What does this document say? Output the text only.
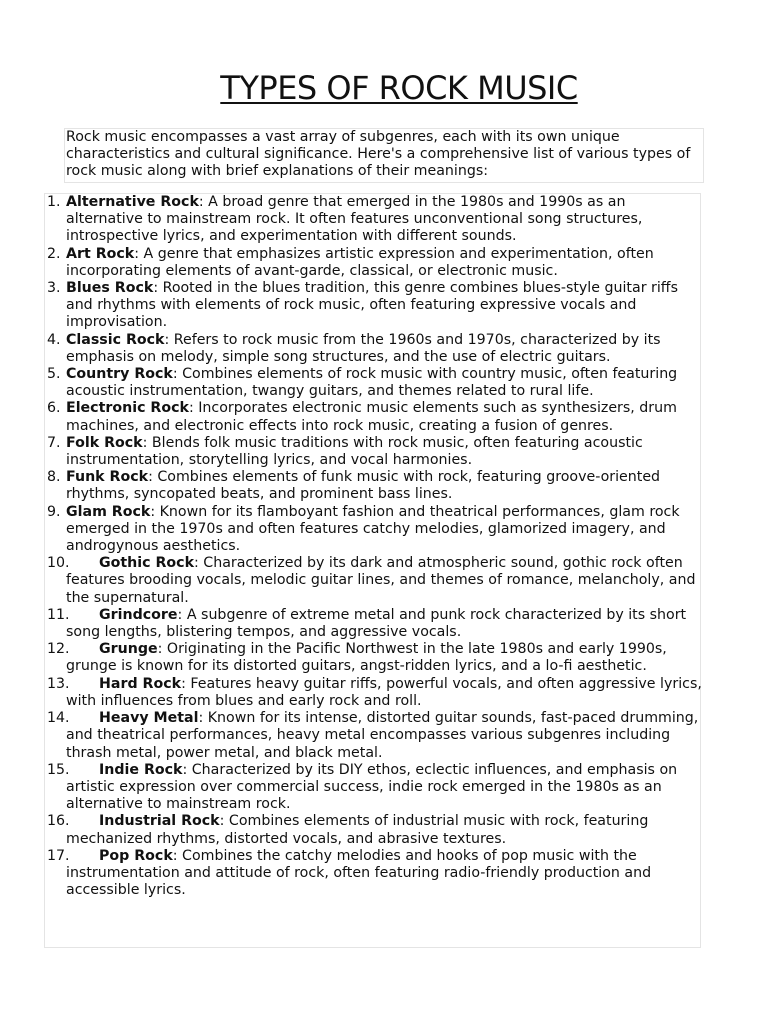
TYPES OF ROCK MUSIC
Rock music encompasses a vast array of subgenres, each with its own unique characteristics and cultural significance. Here's a comprehensive list of various types of rock music along with brief explanations of their meanings:
1. Alternative Rock: A broad genre that emerged in the 1980s and 1990s as an alternative to mainstream rock. It often features unconventional song structures, introspective lyrics, and experimentation with different sounds.
2. Art Rock: A genre that emphasizes artistic expression and experimentation, often incorporating elements of avant-garde, classical, or electronic music.
3. Blues Rock: Rooted in the blues tradition, this genre combines blues-style guitar riffs and rhythms with elements of rock music, often featuring expressive vocals and improvisation.
4. Classic Rock: Refers to rock music from the 1960s and 1970s, characterized by its emphasis on melody, simple song structures, and the use of electric guitars.
5. Country Rock: Combines elements of rock music with country music, often featuring acoustic instrumentation, twangy guitars, and themes related to rural life.
6. Electronic Rock: Incorporates electronic music elements such as synthesizers, drum machines, and electronic effects into rock music, creating a fusion of genres.
7. Folk Rock: Blends folk music traditions with rock music, often featuring acoustic instrumentation, storytelling lyrics, and vocal harmonies.
8. Funk Rock: Combines elements of funk music with rock, featuring groove-oriented rhythms, syncopated beats, and prominent bass lines.
9. Glam Rock: Known for its flamboyant fashion and theatrical performances, glam rock emerged in the 1970s and often features catchy melodies, glamorized imagery, and androgynous aesthetics.
10. Gothic Rock: Characterized by its dark and atmospheric sound, gothic rock often features brooding vocals, melodic guitar lines, and themes of romance, melancholy, and the supernatural.
11. Grindcore: A subgenre of extreme metal and punk rock characterized by its short song lengths, blistering tempos, and aggressive vocals.
12. Grunge: Originating in the Pacific Northwest in the late 1980s and early 1990s, grunge is known for its distorted guitars, angst-ridden lyrics, and a lo-fi aesthetic.
13. Hard Rock: Features heavy guitar riffs, powerful vocals, and often aggressive lyrics, with influences from blues and early rock and roll.
14. Heavy Metal: Known for its intense, distorted guitar sounds, fast-paced drumming, and theatrical performances, heavy metal encompasses various subgenres including thrash metal, power metal, and black metal.
15. Indie Rock: Characterized by its DIY ethos, eclectic influences, and emphasis on artistic expression over commercial success, indie rock emerged in the 1980s as an alternative to mainstream rock.
16. Industrial Rock: Combines elements of industrial music with rock, featuring mechanized rhythms, distorted vocals, and abrasive textures.
17. Pop Rock: Combines the catchy melodies and hooks of pop music with the instrumentation and attitude of rock, often featuring radio-friendly production and accessible lyrics.
